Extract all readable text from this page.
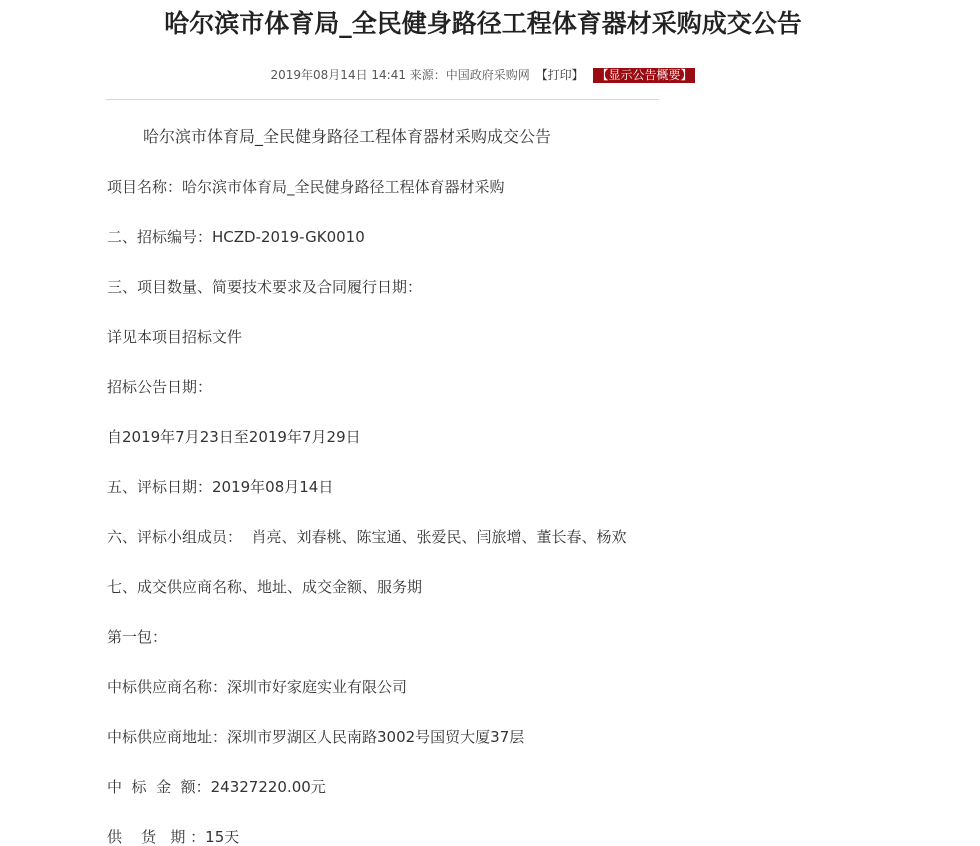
哈尔滨市体育局_全民健身路径工程体育器材采购成交公告
2019年08月14日 14:41 来源：中国政府采购网 【打印】 【显示公告概要】
哈尔滨市体育局_全民健身路径工程体育器材采购成交公告
项目名称：哈尔滨市体育局_全民健身路径工程体育器材采购
二、招标编号：HCZD-2019-GK0010
三、项目数量、简要技术要求及合同履行日期：
详见本项目招标文件
招标公告日期：
自2019年7月23日至2019年7月29日
五、评标日期：2019年08月14日
六、评标小组成员：  肖亮、刘春桃、陈宝通、张爱民、闫旅增、董长春、杨欢
七、成交供应商名称、地址、成交金额、服务期
第一包：
中标供应商名称：深圳市好家庭实业有限公司
中标供应商地址：深圳市罗湖区人民南路3002号国贸大厦37层
中  标  金  额：24327220.00元
供    货   期 ：15天
